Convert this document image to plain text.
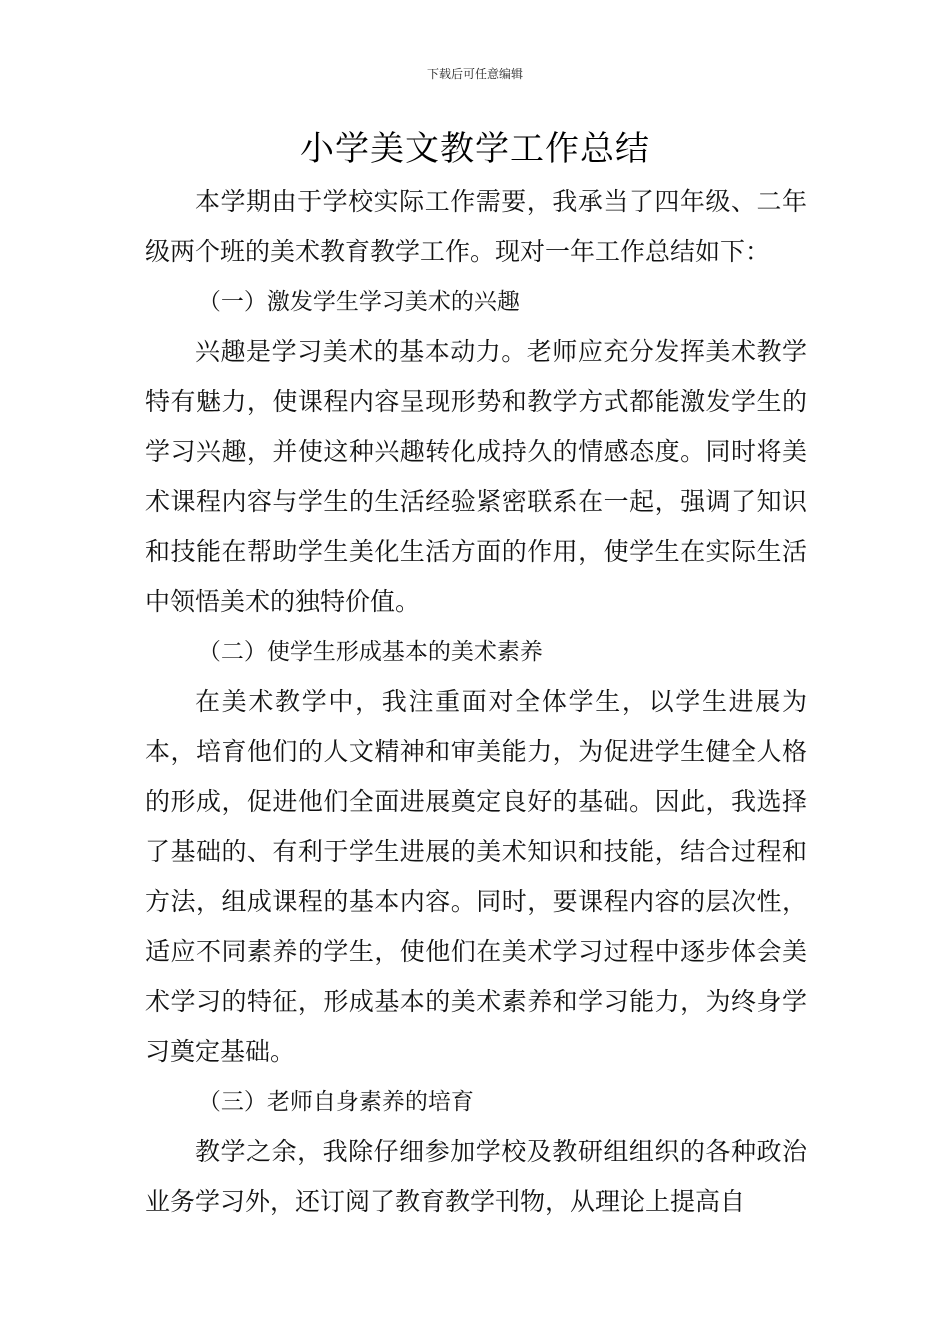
下载后可任意编辑
小学美文教学工作总结

本学期由于学校实际工作需要，我承当了四年级、二年级两个班的美术教育教学工作。现对一年工作总结如下：

（一）激发学生学习美术的兴趣

兴趣是学习美术的基本动力。老师应充分发挥美术教学特有魅力，使课程内容呈现形势和教学方式都能激发学生的学习兴趣，并使这种兴趣转化成持久的情感态度。同时将美术课程内容与学生的生活经验紧密联系在一起，强调了知识和技能在帮助学生美化生活方面的作用，使学生在实际生活中领悟美术的独特价值。

（二）使学生形成基本的美术素养

在美术教学中，我注重面对全体学生，以学生进展为本，培育他们的人文精神和审美能力，为促进学生健全人格的形成，促进他们全面进展奠定良好的基础。因此，我选择了基础的、有利于学生进展的美术知识和技能，结合过程和方法，组成课程的基本内容。同时，要课程内容的层次性，适应不同素养的学生，使他们在美术学习过程中逐步体会美术学习的特征，形成基本的美术素养和学习能力，为终身学习奠定基础。

（三）老师自身素养的培育

教学之余，我除仔细参加学校及教研组组织的各种政治业务学习外，还订阅了教育教学刊物，从理论上提高自
